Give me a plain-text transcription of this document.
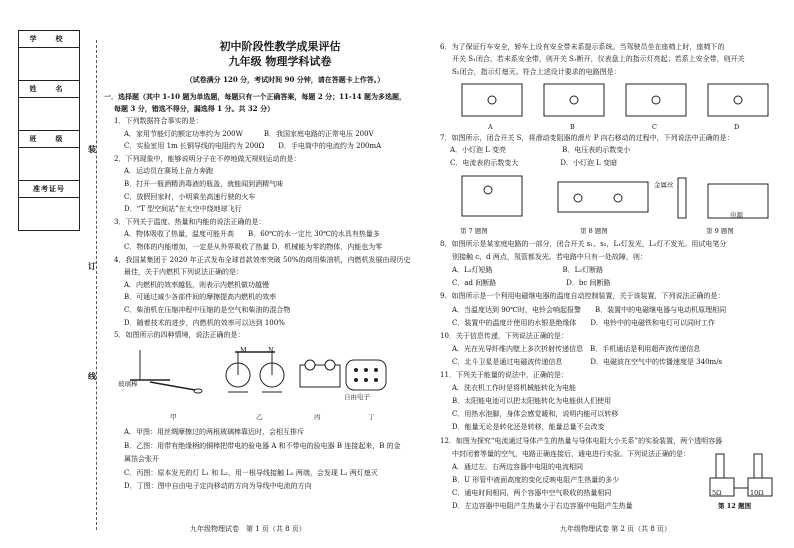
学　校

姓　名

班　级

准考证号

装
订
线
初中阶段性教学成果评估
九年级 物理学科试卷
（试卷满分 120 分，考试时间 90 分钟，请在答题卡上作答。）
一．选择题（其中 1-10 题为单选题，每题只有一个正确答案，每题 2 分；11-14 题为多选题，
每题 3 分，错选不得分，漏选得 1 分。共 32 分）
1．下列数据符合事实的是：
A．家用节能灯的额定功率约为 200W　　　B．我国家庭电路的正常电压 200V
C．实验室用 1m 长铜导线的电阻约为 200Ω　　D．手电筒中的电流约为 200mA
2．下列现象中，能够说明分子在不停地做无规则运动的是：
A．运动员在赛场上奋力奔跑
B．打开一瓶酒精消毒液的瓶盖，就能闻到酒精气味
C．放假回家时，小明乘坐高速行驶的火车
D．“T 型空间站”在太空中绕地球飞行
3．下列关于温度、热量和内能的说法正确的是：
A．物体吸收了热量，温度可能升高　　B．60℃的水一定比 30℃的水具有热量多
C．物体的内能增加，一定是从外界吸收了热量 D．机械能为零的物体，内能也为零
4．我国某集团于 2020 年正式发布全球首款效率突破 50%的商用柴油机，内燃机发展由现历史
最佳，关于内燃机下列说法正确的是：
A．内燃机的效率越低，则表示内燃机做功越慢
B．可通过减少各部件间的摩擦提高内燃机的效率
C．柴油机在压缩冲程中压缩的是空气和柴油的混合物
D．随着技术的进步，内燃机的效率可以达到 100%
5．如图所示的四种情境，说法正确的是：
玻璃棒
M	N
自由电子
甲	乙	丙	丁
A．甲图：用丝绸摩擦过的两根玻璃棒靠近时，会相互排斥
B．乙图：用带有绝缘柄的铜棒把带电的验电器 A 和不带电的验电器 B 连接起来，B 的金
属箔会张开
C．丙图：原本发光的灯 L₁ 和 L₂，用一根导线接触 L₂ 两端，会发现 L₁ 两灯熄灭
D．丁图：图中自由电子定向移动的方向为导线中电流的方向
6．为了保证行车安全，轿车上设有安全带未系提示系统。当驾驶员坐在座椅上时，座椅下的
开关 S₁闭合，若未系安全带，则开关 S₂断开，仪表盘上的指示灯亮起；若系上安全带，则开关
S₂闭合，指示灯熄灭。符合上述设计要求的电路图是：
A	B	C	D
7．如图所示，闭合开关 S，将滑动变阻器的滑片 P 向右移动的过程中，下列说法中正确的是：
A．小灯泡 L 变亮　　　　　　　　B．电压表的示数变小
C．电流表的示数变大　　　　　　D．小灯泡 L 变暗
第 7 题图	第 8 题图	第 9 题图
金属丝
电源
8．如图所示是某家庭电路的一部分，闭合开关 s₁、s₂，L₁灯发光，L₂灯不发光。用试电笔分
别接触 c、d 两点，氖管都发光。若电路中只有一处故障，则：
A．L₂灯短路　　　　　　　　　　B．L₂灯断路
C．ad 间断路　　　　　　　　　　D．bc 间断路
9．如图所示是一个利用电磁继电器的温度自动控制装置，关于该装置，下列说法正确的是：
A．当温度达到 90℃时，电铃会响起报警　　B．装置中的电磁继电器与电动机原理相同
C．装置中的温度计使用的水银是绝缘体　　D．电铃中的电磁铁和电灯可以同时工作
10．关于信息传递，下列说法正确的是：
A．光在光导纤维内壁上多次折射传递信息　B．手机通话是利用超声波传递信息
C．北斗卫星是通过电磁波传递信息　　　　D．电磁波在空气中的传播速度是 340m/s
11．下列关于能量的说法中，正确的是：
A．洗衣机工作时是将机械能转化为电能
B．太阳能电池可以把太阳能转化为电能供人们使用
C．用热水泡脚，身体会感觉暖和，说明内能可以转移
D．能量无论是转化还是转移，能量总量不会改变
12．如图为探究“电流通过导体产生的热量与导体电阻大小关系”的实验装置，两个透明容器
中封闭着等量的空气，电路正确连接后，通电进行实验。下列说法正确的是：
A．通过左、右两边容器中电阻的电流相同
B．U 形管中液面高度的变化反映电阻产生热量的多少
C．通电时间相同，两个容器中空气吸收的热量相同
D．左边容器中电阻产生热量小于右边容器中电阻产生热量
5Ω	10Ω
第 12 题图
九年级物理试卷　第 1 页（共 8 页）	九年级物理试卷 第 2 页（共 8 页）
